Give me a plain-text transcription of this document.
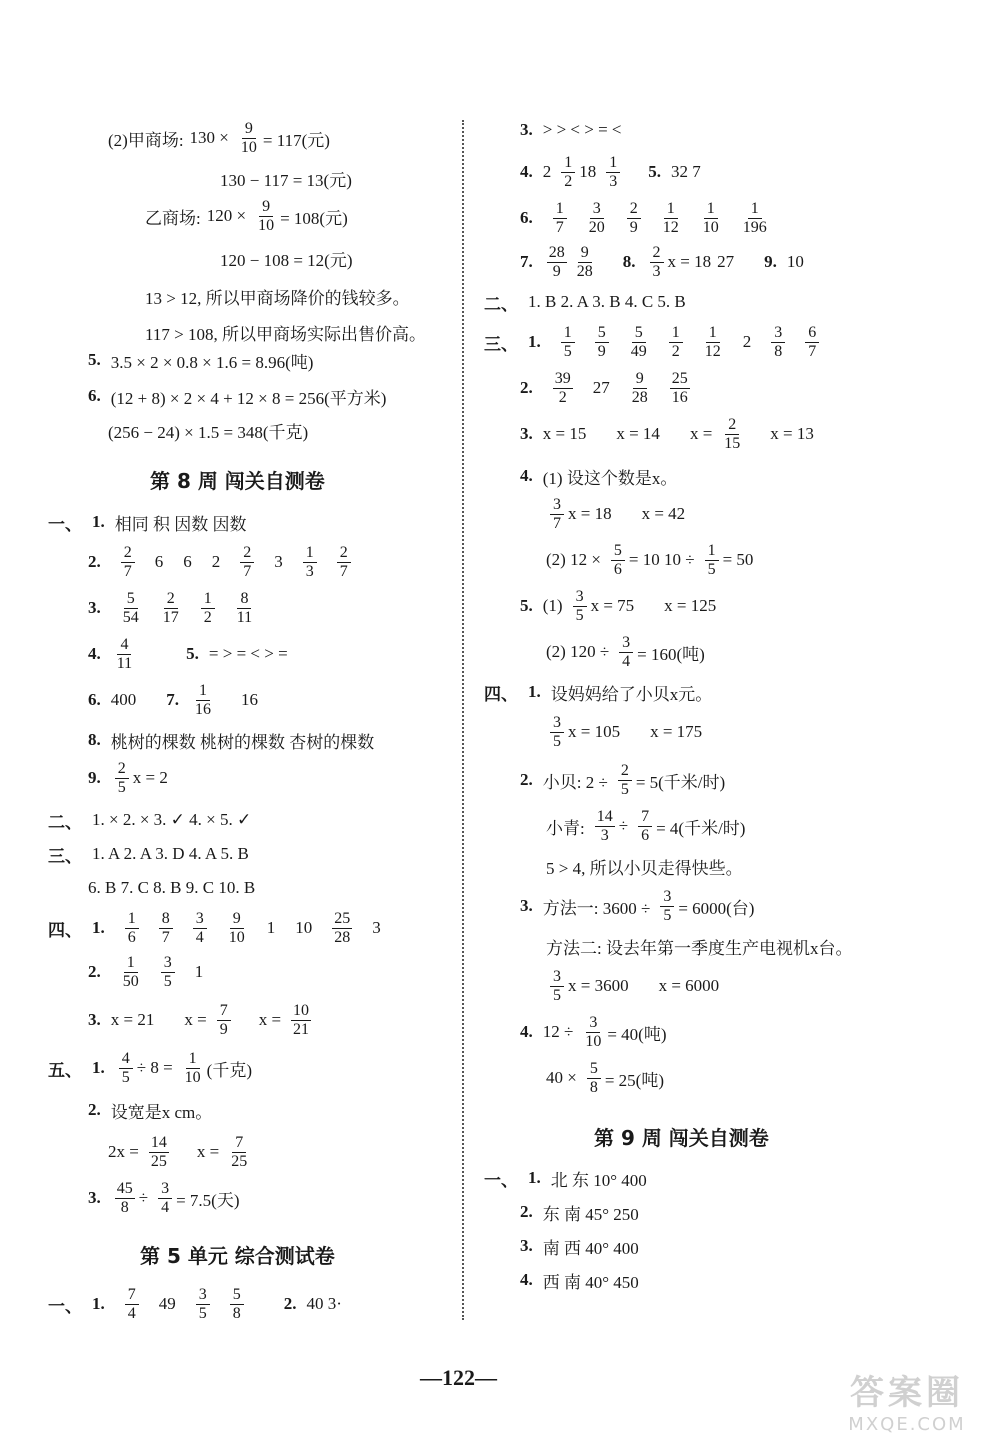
(2)甲商场: $130 \times \frac{9}{10} = 117$(元)
130 − 117 = 13(元)
乙商场: $120 \times \frac{9}{10} = 108$(元)
120 − 108 = 12(元)
13 > 12, 所以甲商场降价的钱较多。
117 > 108, 所以甲商场实际出售价高。
5. 3.5 × 2 × 0.8 × 1.6 = 8.96(吨)
6. (12 + 8) × 2 × 4 + 12 × 8 = 256(平方米)
(256 − 24) × 1.5 = 348(千克)
第 8 周 闯关自测卷
一、 1. 相同 积 因数 因数
2. $\frac{2}{7} 6$ 6 $2 \frac{2}{7} 3 \frac{1}{3} \frac{2}{7}$
3. $\frac{5}{54} \frac{2}{17} \frac{1}{2} \frac{8}{11}$
4. $\frac{4}{11}$	5. = > = < > =
6. 400 7. $\frac{1}{16} 16$
8. 桃树的棵数 桃树的棵数 杏树的棵数
9. $\frac{2}{5}$ x = 2
二、 1. × 2. × 3. ✓ 4. × 5. ✓
三、 1. A 2. A 3. D 4. A 5. B
6. B 7. C 8. B 9. C 10. B
四、 1. $\frac{1}{6} \frac{8}{7} \frac{3}{4} \frac{9}{10} 1$ $10 \frac{25}{28} 3$
2. $\frac{1}{50} \frac{3}{5} 1$
3. x = 21 $x = \frac{7}{9}$ $x = \frac{10}{21}$
五、 1. $\frac{4}{5} \div 8 = \frac{1}{10}$ (千克)
2. 设宽是x cm。
$2x = \frac{14}{25}$ $x = \frac{7}{25}$
3. $\frac{45}{8} \div \frac{3}{4} = 7.5$(天)
第 5 单元 综合测试卷
一、 1. $\frac{7}{4} 49 \frac{3}{5} \frac{5}{8} 2$. 40 3·
3. > > < > = <
4. $2 \frac{1}{2} 18 \frac{1}{3} 5$. 32 7
6. $\frac{1}{7} \frac{3}{20} \frac{2}{9} \frac{1}{12} \frac{1}{10} \frac{1}{196}$
7. $\frac{28}{9} \frac{9}{28} 8$. $\frac{2}{3}$ x = 18 27 9. 10
二、 1. B 2. A 3. B 4. C 5. B
三、 1. $\frac{1}{5} \frac{5}{9} \frac{5}{49} \frac{1}{2} \frac{1}{12} 2 \frac{3}{8} \frac{6}{7}$
2. $\frac{39}{2} 27 \frac{9}{28} \frac{25}{16}$
3. x = 15 x = 14 $x = \frac{2}{15}$ x = 13
4. (1) 设这个数是x。
$\frac{3}{7}$ x = 18 x = 42
(2) $12 \times \frac{5}{6} = 10$ $10 \div \frac{1}{5} = 50$
5. $(1) \frac{3}{5}$ x = 75 x = 125
(2) $120 \div \frac{3}{4} = 160$(吨)
四、 1. 设妈妈给了小贝x元。
$\frac{3}{5}$ x = 105 x = 175
2. 小贝: $2 \div \frac{2}{5} = 5$(千米/时)
小青: $\frac{14}{3} \div \frac{7}{6} = 4$(千米/时)
5 > 4, 所以小贝走得快些。
3. 方法一: $3600 \div \frac{3}{5} = 6000$(台)
方法二: 设去年第一季度生产电视机x台。
$\frac{3}{5}$ x = 3600 x = 6000
4. $12 \div \frac{3}{10} = 40$(吨)
$40 \times \frac{5}{8} = 25$(吨)
第 9 周 闯关自测卷
一、 1. 北 东 10° 400
2. 东 南 45° 250
3. 南 西 40° 400
4. 西 南 40° 450
—122—	答案圈
MXQE.COM
